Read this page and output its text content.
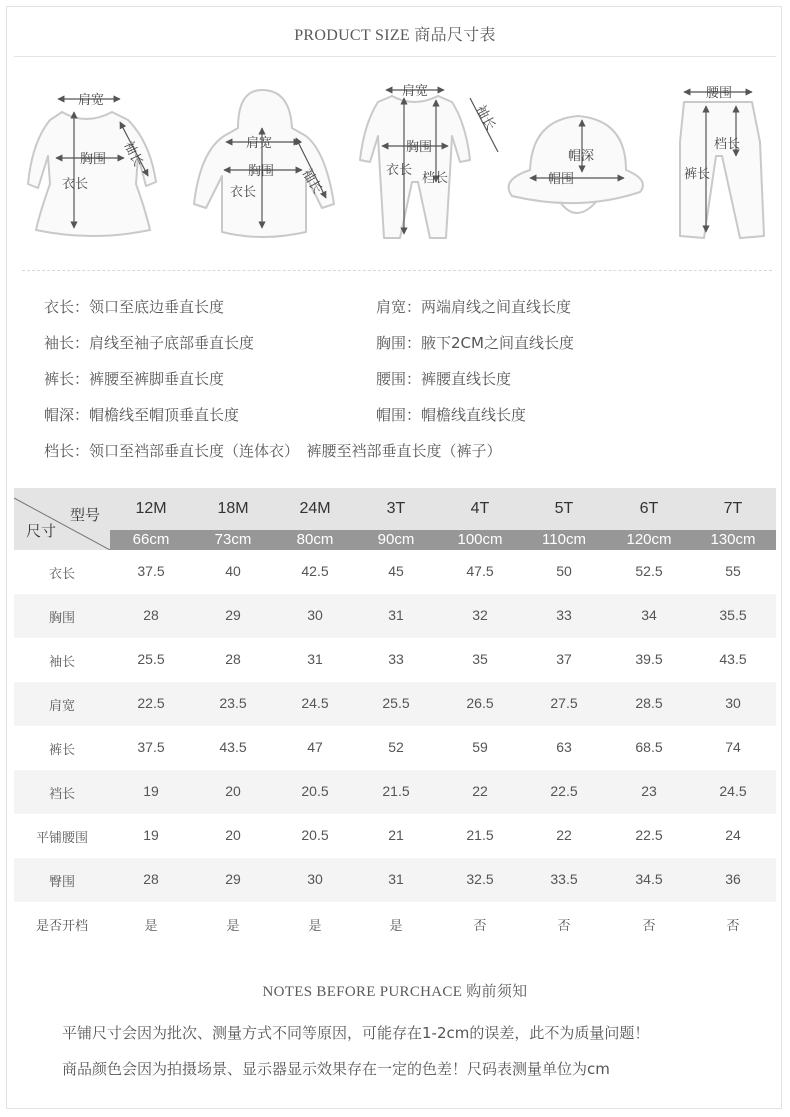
PRODUCT SIZE 商品尺寸表
肩宽
胸围
衣长
袖长	肩宽
胸围
衣长	袖长
肩宽
胸围
衣长
档长
袖长
帽深
帽围
腰围
档长
裤长
衣长：领口至底边垂直长度	肩宽：两端肩线之间直线长度
袖长：肩线至袖子底部垂直长度	胸围：腋下2CM之间直线长度
裤长：裤腰至裤脚垂直长度	腰围：裤腰直线长度
帽深：帽檐线至帽顶垂直长度	帽围：帽檐线直线长度
档长：领口至裆部垂直长度（连体衣）　裤腰至裆部垂直长度（裤子）
型号
尺寸
12M	18M	24M	3T	4T	5T	6T	7T
66cm	73cm	80cm	90cm	100cm	110cm	120cm	130cm
衣长	37.5	40	42.5	45	47.5	50	52.5	55
胸围	28	29	30	31	32	33	34	35.5
袖长	25.5	28	31	33	35	37	39.5	43.5
肩宽	22.5	23.5	24.5	25.5	26.5	27.5	28.5	30
裤长	37.5	43.5	47	52	59	63	68.5	74
裆长	19	20	20.5	21.5	22	22.5	23	24.5
平铺腰围	19	20	20.5	21	21.5	22	22.5	24
臀围	28	29	30	31	32.5	33.5	34.5	36
是否开档	是	是	是	是	否	否	否	否
NOTES BEFORE PURCHACE 购前须知
平铺尺寸会因为批次、测量方式不同等原因，可能存在1-2cm的误差，此不为质量问题！
商品颜色会因为拍摄场景、显示器显示效果存在一定的色差！尺码表测量单位为cm
